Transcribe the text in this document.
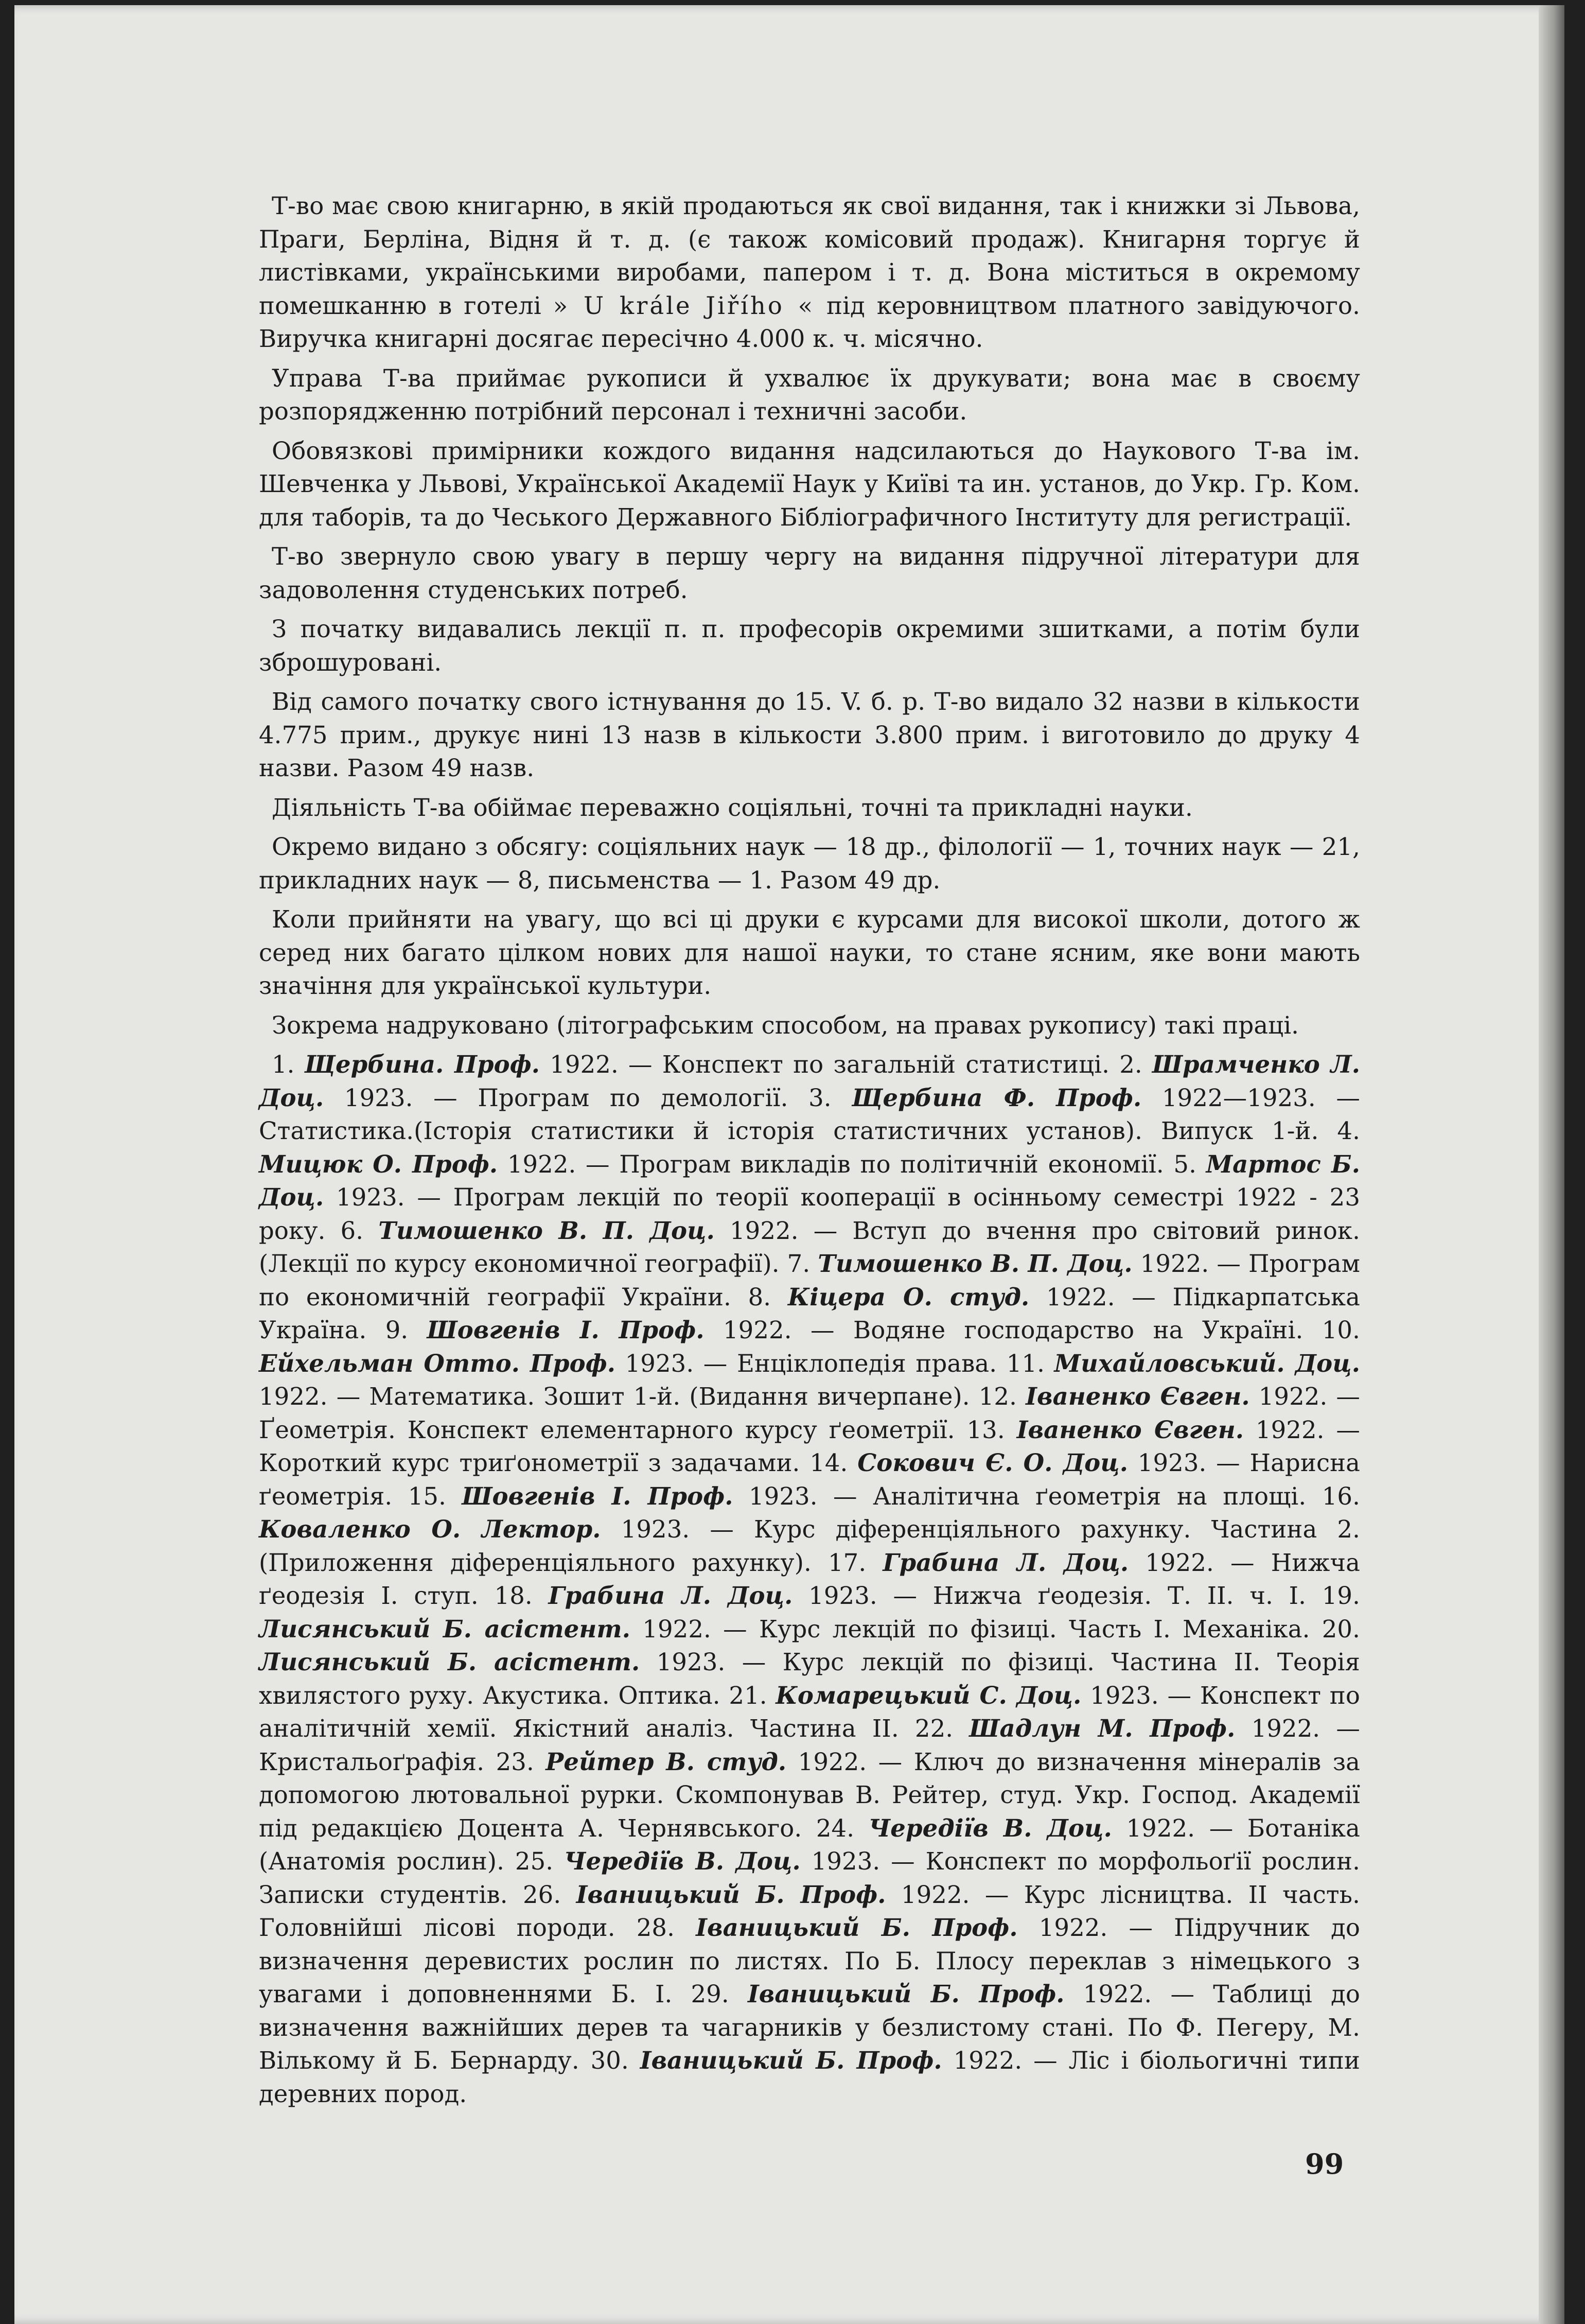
Т-во має свою книгарню, в якій продаються як свої видання, так і книжки зі Львова, Праги, Берліна, Відня й т. д. (є також комісовий продаж). Книгарня торгує й листівками, українськими виробами, папером і т. д. Вона міститься в окремому помешканню в готелі » U krále Jiřího « під керовництвом платного завідуючого. Виручка книгарні досягає пересічно 4.000 к. ч. місячно.

Управа Т-ва приймає рукописи й ухвалює їх друкувати; вона має в своєму розпорядженню потрібний персонал і техничні засоби.

Обовязкові примірники кождого видання надсилаються до Наукового Т-ва ім. Шевченка у Львові, Української Академії Наук у Київі та ин. установ, до Укр. Гр. Ком. для таборів, та до Чеського Державного Бібліографичного Інституту для регистрації.

Т-во звернуло свою увагу в першу чергу на видання підручної літератури для задоволення студенських потреб.

З початку видавались лекції п. п. професорів окремими зшитками, а потім були зброшуровані.

Від самого початку свого істнування до 15. V. б. р. Т-во видало 32 назви в кількости 4.775 прим., друкує нині 13 назв в кількости 3.800 прим. і виготовило до друку 4 назви. Разом 49 назв.

Діяльність Т-ва обіймає переважно соціяльні, точні та прикладні науки.

Окремо видано з обсягу: соціяльних наук — 18 др., філології — 1, точних наук — 21, прикладних наук — 8, письменства — 1. Разом 49 др.

Коли прийняти на увагу, що всі ці друки є курсами для високої школи, дотого ж серед них багато цілком нових для нашої науки, то стане ясним, яке вони мають значіння для української культури.

Зокрема надруковано (літографським способом, на правах рукопису) такі праці.

1. Щербина. Проф. 1922. — Конспект по загальній статистиці. 2. Шрамченко Л. Доц. 1923. — Програм по демології. 3. Щербина Ф. Проф. 1922—1923. — Статистика.(Історія статистики й історія статистичних установ). Випуск 1-й. 4. Мицюк О. Проф. 1922. — Програм викладів по політичній економії. 5. Мартос Б. Доц. 1923. — Програм лекцій по теорії кооперації в осінньому семестрі 1922 - 23 року. 6. Тимошенко В. П. Доц. 1922. — Вступ до вчення про світовий ринок. (Лекції по курсу економичної географії). 7. Тимошенко В. П. Доц. 1922. — Програм по економичній географії України. 8. Кіцера О. студ. 1922. — Підкарпатська Україна. 9. Шовгенів І. Проф. 1922. — Водяне господарство на Україні. 10. Ейхельман Отто. Проф. 1923. — Енціклопедія права. 11. Михайловський. Доц. 1922. — Математика. Зошит 1-й. (Видання вичерпане). 12. Іваненко Євген. 1922. — Ґеометрія. Конспект елементарного курсу ґеометрії. 13. Іваненко Євген. 1922. — Короткий курс триґонометрії з задачами. 14. Сокович Є. О. Доц. 1923. — Нарисна ґеометрія. 15. Шовгенів І. Проф. 1923. — Аналітична ґеометрія на площі. 16. Коваленко О. Лектор. 1923. — Курс діференціяльного рахунку. Частина 2. (Приложення діференціяльного рахунку). 17. Грабина Л. Доц. 1922. — Нижча ґеодезія І. ступ. 18. Грабина Л. Доц. 1923. — Нижча ґеодезія. Т. II. ч. І. 19. Лисянський Б. асістент. 1922. — Курс лекцій по фізиці. Часть І. Механіка. 20. Лисянський Б. асістент. 1923. — Курс лекцій по фізиці. Частина II. Теорія хвилястого руху. Акустика. Оптика. 21. Комарецький С. Доц. 1923. — Конспект по аналітичній хемії. Якістний аналіз. Частина II. 22. Шадлун М. Проф. 1922. — Кристальоґрафія. 23. Рейтер В. студ. 1922. — Ключ до визначення мінералів за допомогою лютовальної рурки. Скомпонував В. Рейтер, студ. Укр. Господ. Академії під редакцією Доцента А. Чернявського. 24. Чередіїв В. Доц. 1922. — Ботаніка (Анатомія рослин). 25. Чередіїв В. Доц. 1923. — Конспект по морфольоґії рослин. Записки студентів. 26. Іваницький Б. Проф. 1922. — Курс лісництва. II часть. Головнійші лісові породи. 28. Іваницький Б. Проф. 1922. — Підручник до визначення деревистих рослин по листях. По Б. Плосу переклав з німецького з увагами і доповненнями Б. І. 29. Іваницький Б. Проф. 1922. — Таблиці до визначення важнійших дерев та чагарників у безлистому стані. По Ф. Пегеру, М. Вількому й Б. Бернарду. 30. Іваницький Б. Проф. 1922. — Ліс і біольогичні типи деревних пород.

99
